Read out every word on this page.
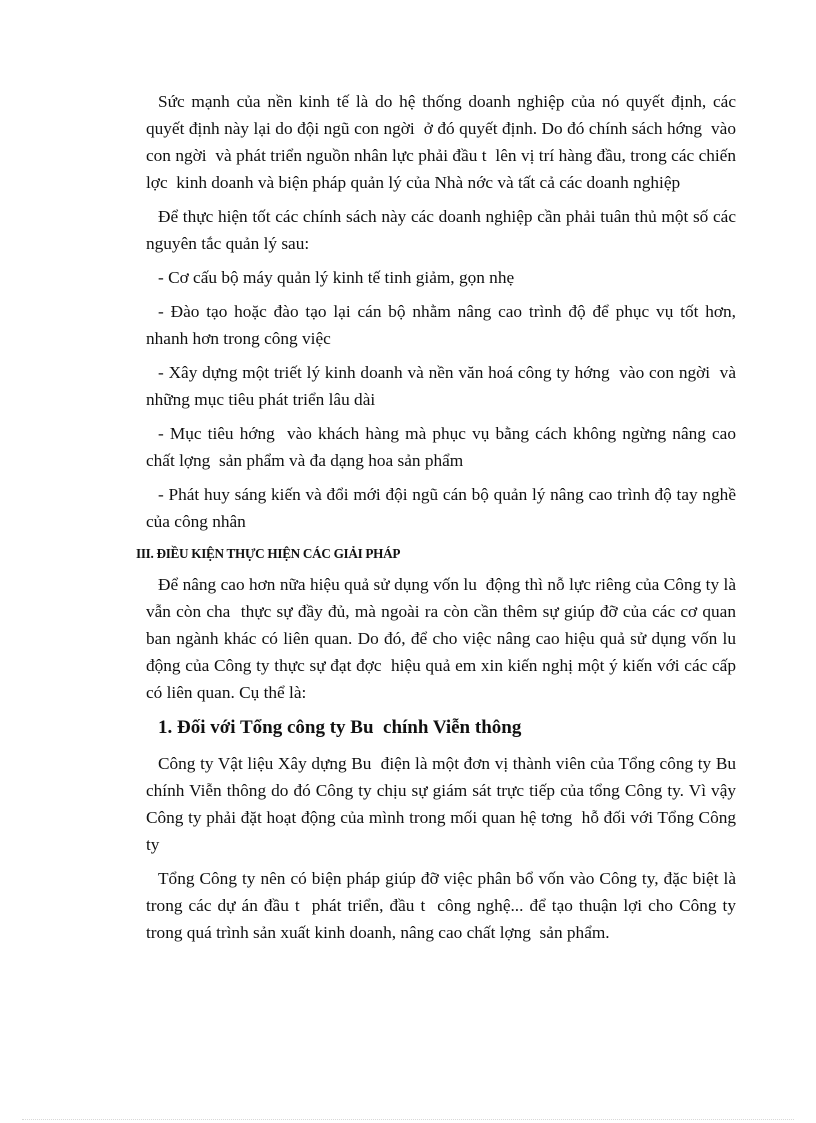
Sức mạnh của nền kinh tế là do hệ thống doanh nghiệp của nó quyết định, các quyết định này lại do đội ngũ con ngời  ở đó quyết định. Do đó chính sách hớng  vào con ngời  và phát triển nguồn nhân lực phải đầu t  lên vị trí hàng đầu, trong các chiến lợc  kinh doanh và biện pháp quản lý của Nhà nớc và tất cả các doanh nghiệp

Để thực hiện tốt các chính sách này các doanh nghiệp cần phải tuân thủ một số các nguyên tắc quản lý sau:

- Cơ cấu bộ máy quản lý kinh tế tinh giảm, gọn nhẹ

- Đào tạo hoặc đào tạo lại cán bộ nhằm nâng cao trình độ để phục vụ tốt hơn, nhanh hơn trong công việc

- Xây dựng một triết lý kinh doanh và nền văn hoá công ty hớng  vào con ngời  và những mục tiêu phát triển lâu dài

- Mục tiêu hớng  vào khách hàng mà phục vụ bằng cách không ngừng nâng cao chất lợng  sản phẩm và đa dạng hoa sản phẩm

- Phát huy sáng kiến và đổi mới đội ngũ cán bộ quản lý nâng cao trình độ tay nghề của công nhân

III. ĐIỀU KIỆN THỰC HIỆN CÁC GIẢI PHÁP

Để nâng cao hơn nữa hiệu quả sử dụng vốn lu  động thì nỗ lực riêng của Công ty là vẫn còn cha  thực sự đầy đủ, mà ngoài ra còn cần thêm sự giúp đỡ của các cơ quan ban ngành khác có liên quan. Do đó, để cho việc nâng cao hiệu quả sử dụng vốn lu  động của Công ty thực sự đạt đợc  hiệu quả em xin kiến nghị một ý kiến với các cấp có liên quan. Cụ thể là:

1. Đối với Tổng công ty Bu  chính Viễn thông

Công ty Vật liệu Xây dựng Bu  điện là một đơn vị thành viên của Tổng công ty Bu  chính Viễn thông do đó Công ty chịu sự giám sát trực tiếp của tổng Công ty. Vì vậy Công ty phải đặt hoạt động của mình trong mối quan hệ tơng  hỗ đối với Tổng Công ty

Tổng Công ty nên có biện pháp giúp đỡ việc phân bổ vốn vào Công ty, đặc biệt là trong các dự án đầu t  phát triển, đầu t  công nghệ... để tạo thuận lợi cho Công ty trong quá trình sản xuất kinh doanh, nâng cao chất lợng  sản phẩm.
